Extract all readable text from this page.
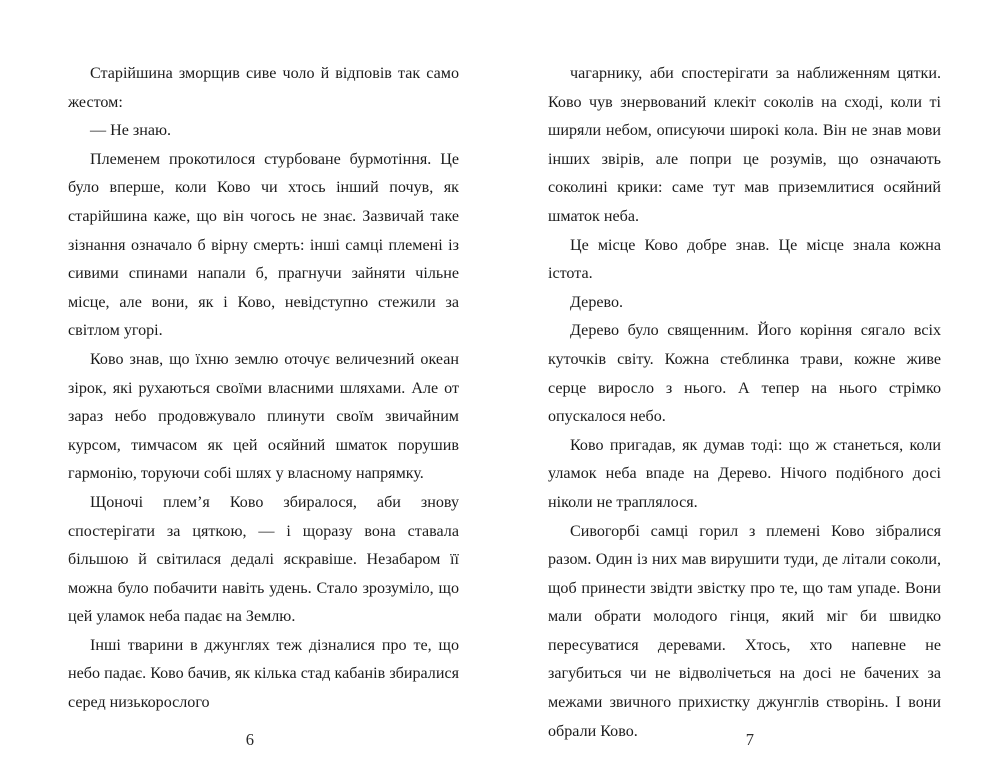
Старійшина зморщив сиве чоло й відповів так само жестом:

— Не знаю.

Племенем прокотилося стурбоване бурмотіння. Це було вперше, коли Ково чи хтось інший почув, як старійшина каже, що він чогось не знає. Зазвичай таке зізнання означало б вірну смерть: інші самці племені із сивими спинами напали б, прагнучи зайняти чільне місце, але вони, як і Ково, невідступно стежили за світлом угорі.

Ково знав, що їхню землю оточує величезний океан зірок, які рухаються своїми власними шляхами. Але от зараз небо продовжувало плинути своїм звичайним курсом, тимчасом як цей осяйний шматок порушив гармонію, торуючи собі шлях у власному напрямку.

Щоночі плем’я Ково збиралося, аби знову спостерігати за цяткою, — і щоразу вона ставала більшою й світилася дедалі яскравіше. Незабаром її можна було побачити навіть удень. Стало зрозуміло, що цей уламок неба падає на Землю.

Інші тварини в джунглях теж дізналися про те, що небо падає. Ково бачив, як кілька стад кабанів збиралися серед низькорослого

6

чагарнику, аби спостерігати за наближенням цятки. Ково чув знервований клекіт соколів на сході, коли ті ширяли небом, описуючи широкі кола. Він не знав мови інших звірів, але попри це розумів, що означають соколині крики: саме тут мав приземлитися осяйний шматок неба.

Це місце Ково добре знав. Це місце знала кожна істота.

Дерево.

Дерево було священним. Його коріння сягало всіх куточків світу. Кожна стеблинка трави, кожне живе серце виросло з нього. А тепер на нього стрімко опускалося небо.

Ково пригадав, як думав тоді: що ж станеться, коли уламок неба впаде на Дерево. Нічого подібного досі ніколи не траплялося.

Сивогорбі самці горил з племені Ково зібралися разом. Один із них мав вирушити туди, де літали соколи, щоб принести звідти звістку про те, що там упаде. Вони мали обрати молодого гінця, який міг би швидко пересуватися деревами. Хтось, хто напевне не загубиться чи не відволічеться на досі не бачених за межами звичного прихистку джунглів створінь. І вони обрали Ково.	7
